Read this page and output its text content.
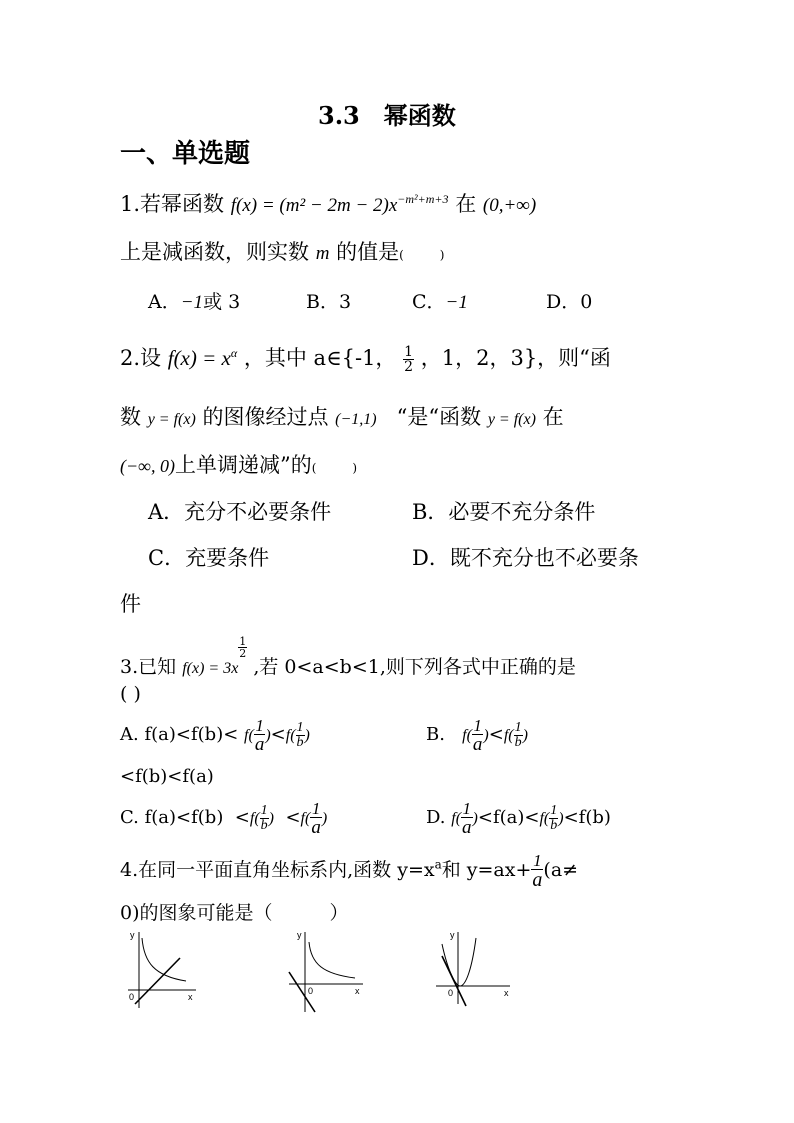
3.3　幂函数
一、单选题
1.若幂函数 $f(x) = (m^2 - 2m - 2)x^{-m^2+m+3}$ 在 (0,+∞)
上是减函数，则实数 m 的值是(　　　)
A．−1或 3	B．3	C．−1	D．0
2.设 $f(x) = x^\alpha$ ，其中 a∈{-1， $\frac{1}{2}$ ，1，2，3}，则“函
数 y = f(x) 的图像经过点 (−1,1) “是“函数 y = f(x) 在
(−∞, 0)上单调递减”的(　　　)
A．充分不必要条件	B．必要不充分条件
C．充要条件	D．既不充分也不必要条
件
3.已知 f(x) = 3x
$\frac{1}{2}$
,若 0<a<b<1,则下列各式中正确的是
( )
A. $f(a)<f(b)< f( \frac{1}{a} )<f( \frac{1}{b}$ )	B. $f( \frac{1}{a} )<f( \frac{1}{b}$ )
<f(b)<f(a)
C. $f(a)<f(b) <f( \frac{1}{b}$ ) $<f( \frac{1}{a}$ )	D. $f( \frac{1}{a} )<f(a)<f( \frac{1}{b} )<f(b)$
4.在同一平面直角坐标系内,函数 $y=x^a$和 $y=ax+ \frac{1}{a} (a\ne$
0)的图象可能是（　　　）
y
x
0
y
x
0
y
x
0
